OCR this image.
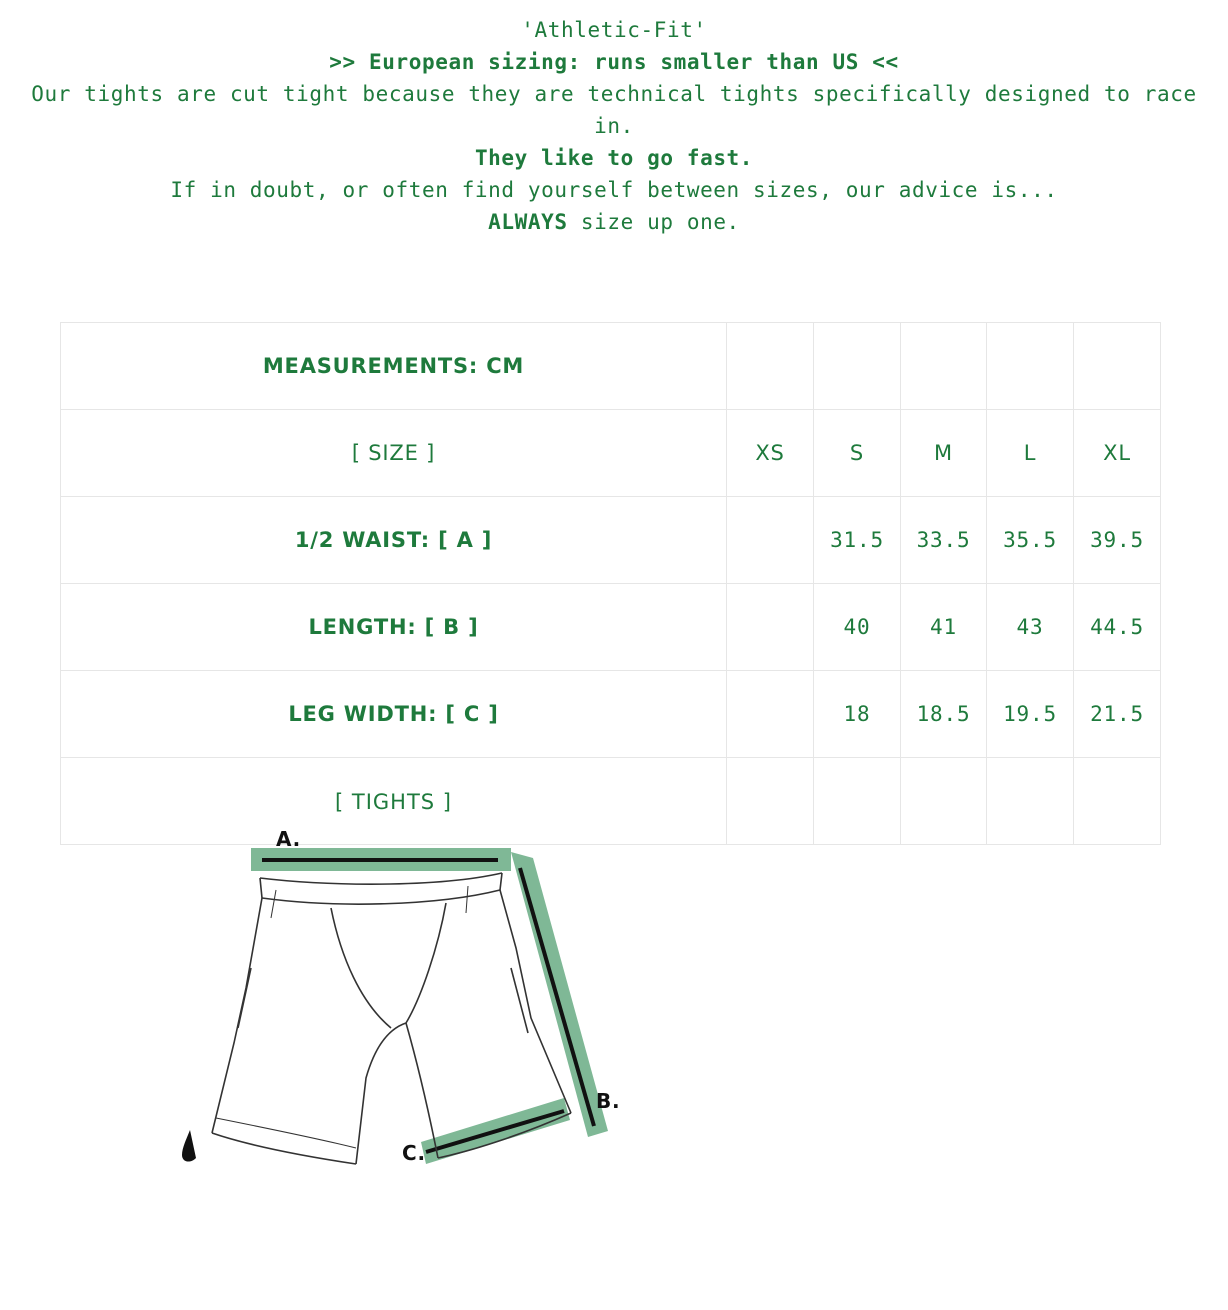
'Athletic-Fit'
>> European sizing: runs smaller than US <<
Our tights are cut tight because they are technical tights specifically designed to race in.
They like to go fast.
If in doubt, or often find yourself between sizes, our advice is...
ALWAYS size up one.
MEASUREMENTS: CM					
[ SIZE ]	XS	S	M	L	XL
1/2 WAIST: [ A ]		31.5	33.5	35.5	39.5
LENGTH: [ B ]		40	41	43	44.5
LEG WIDTH: [ C ]		18	18.5	19.5	21.5

A.
B.
C.
[ TIGHTS ]					
